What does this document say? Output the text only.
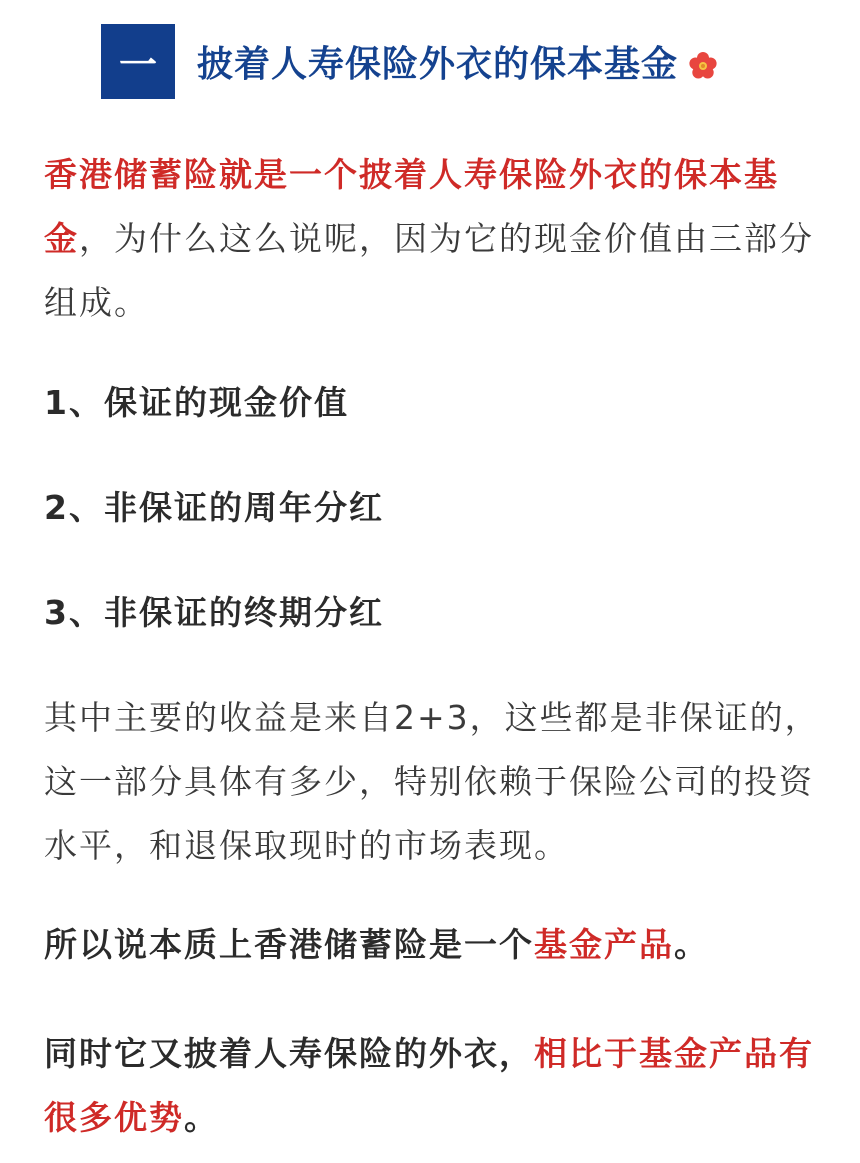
一 披着人寿保险外衣的保本基金

香港储蓄险就是一个披着人寿保险外衣的保本基金，为什么这么说呢，因为它的现金价值由三部分组成。

1、保证的现金价值
2、非保证的周年分红
3、非保证的终期分红

其中主要的收益是来自2+3，这些都是非保证的，这一部分具体有多少，特别依赖于保险公司的投资水平，和退保取现时的市场表现。

所以说本质上香港储蓄险是一个基金产品。

同时它又披着人寿保险的外衣，相比于基金产品有很多优势。
